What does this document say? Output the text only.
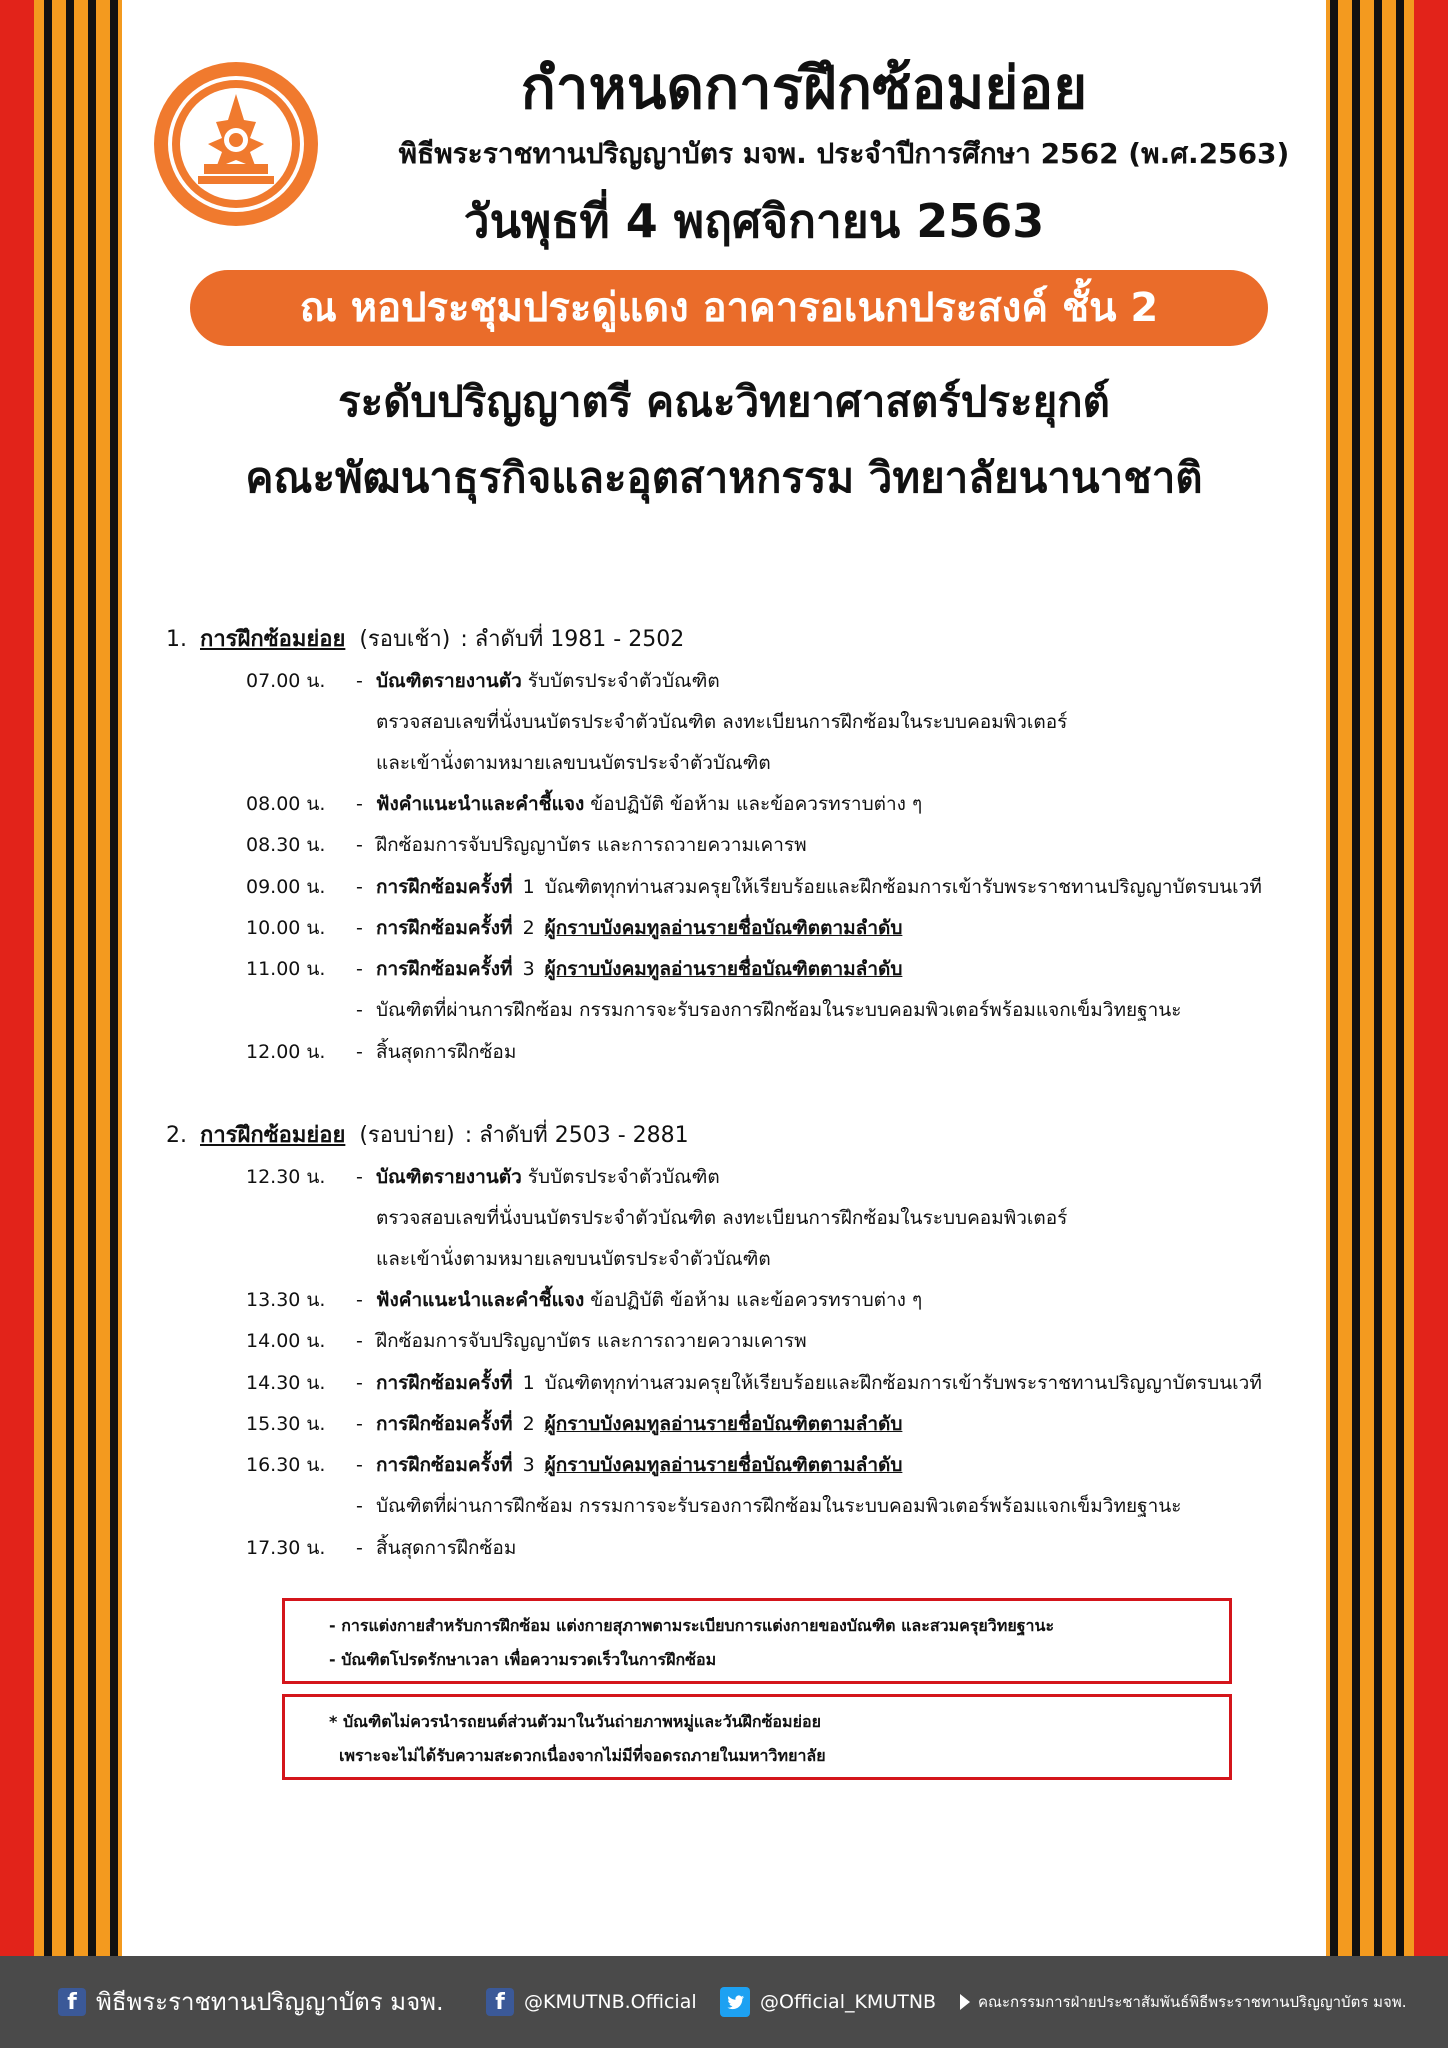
กำหนดการฝึกซ้อมย่อย
พิธีพระราชทานปริญญาบัตร มจพ. ประจำปีการศึกษา 2562 (พ.ศ.2563)
วันพุธที่ 4 พฤศจิกายน 2563
ณ หอประชุมประดู่แดง อาคารอเนกประสงค์ ชั้น 2
ระดับปริญญาตรี คณะวิทยาศาสตร์ประยุกต์
คณะพัฒนาธุรกิจและอุตสาหกรรม วิทยาลัยนานาชาติ
1. การฝึกซ้อมย่อย (รอบเช้า) : ลำดับที่ 1981 - 2502
07.00 น.	- บัณฑิตรายงานตัว รับบัตรประจำตัวบัณฑิต
ตรวจสอบเลขที่นั่งบนบัตรประจำตัวบัณฑิต ลงทะเบียนการฝึกซ้อมในระบบคอมพิวเตอร์
และเข้านั่งตามหมายเลขบนบัตรประจำตัวบัณฑิต
08.00 น.	- ฟังคำแนะนำและคำชี้แจง ข้อปฏิบัติ ข้อห้าม และข้อควรทราบต่าง ๆ
08.30 น.	- ฝึกซ้อมการจับปริญญาบัตร และการถวายความเคารพ
09.00 น.	- การฝึกซ้อมครั้งที่ 1 บัณฑิตทุกท่านสวมครุยให้เรียบร้อยและฝึกซ้อมการเข้ารับพระราชทานปริญญาบัตรบนเวที
10.00 น.	- การฝึกซ้อมครั้งที่ 2 ผู้กราบบังคมทูลอ่านรายชื่อบัณฑิตตามลำดับ
11.00 น.	- การฝึกซ้อมครั้งที่ 3 ผู้กราบบังคมทูลอ่านรายชื่อบัณฑิตตามลำดับ
- บัณฑิตที่ผ่านการฝึกซ้อม กรรมการจะรับรองการฝึกซ้อมในระบบคอมพิวเตอร์พร้อมแจกเข็มวิทยฐานะ
12.00 น.	- สิ้นสุดการฝึกซ้อม
2. การฝึกซ้อมย่อย (รอบบ่าย) : ลำดับที่ 2503 - 2881
12.30 น.	- บัณฑิตรายงานตัว รับบัตรประจำตัวบัณฑิต
ตรวจสอบเลขที่นั่งบนบัตรประจำตัวบัณฑิต ลงทะเบียนการฝึกซ้อมในระบบคอมพิวเตอร์
และเข้านั่งตามหมายเลขบนบัตรประจำตัวบัณฑิต
13.30 น.	- ฟังคำแนะนำและคำชี้แจง ข้อปฏิบัติ ข้อห้าม และข้อควรทราบต่าง ๆ
14.00 น.	- ฝึกซ้อมการจับปริญญาบัตร และการถวายความเคารพ
14.30 น.	- การฝึกซ้อมครั้งที่ 1 บัณฑิตทุกท่านสวมครุยให้เรียบร้อยและฝึกซ้อมการเข้ารับพระราชทานปริญญาบัตรบนเวที
15.30 น.	- การฝึกซ้อมครั้งที่ 2 ผู้กราบบังคมทูลอ่านรายชื่อบัณฑิตตามลำดับ
16.30 น.	- การฝึกซ้อมครั้งที่ 3 ผู้กราบบังคมทูลอ่านรายชื่อบัณฑิตตามลำดับ
- บัณฑิตที่ผ่านการฝึกซ้อม กรรมการจะรับรองการฝึกซ้อมในระบบคอมพิวเตอร์พร้อมแจกเข็มวิทยฐานะ
17.30 น.	- สิ้นสุดการฝึกซ้อม
- การแต่งกายสำหรับการฝึกซ้อม แต่งกายสุภาพตามระเบียบการแต่งกายของบัณฑิต และสวมครุยวิทยฐานะ
- บัณฑิตโปรดรักษาเวลา เพื่อความรวดเร็วในการฝึกซ้อม
* บัณฑิตไม่ควรนำรถยนต์ส่วนตัวมาในวันถ่ายภาพหมู่และวันฝึกซ้อมย่อย
เพราะจะไม่ได้รับความสะดวกเนื่องจากไม่มีที่จอดรถภายในมหาวิทยาลัย
f พิธีพระราชทานปริญญาบัตร มจพ.	f	@KMUTNB.Official	@Official_KMUTNB	คณะกรรมการฝ่ายประชาสัมพันธ์พิธีพระราชทานปริญญาบัตร มจพ.
